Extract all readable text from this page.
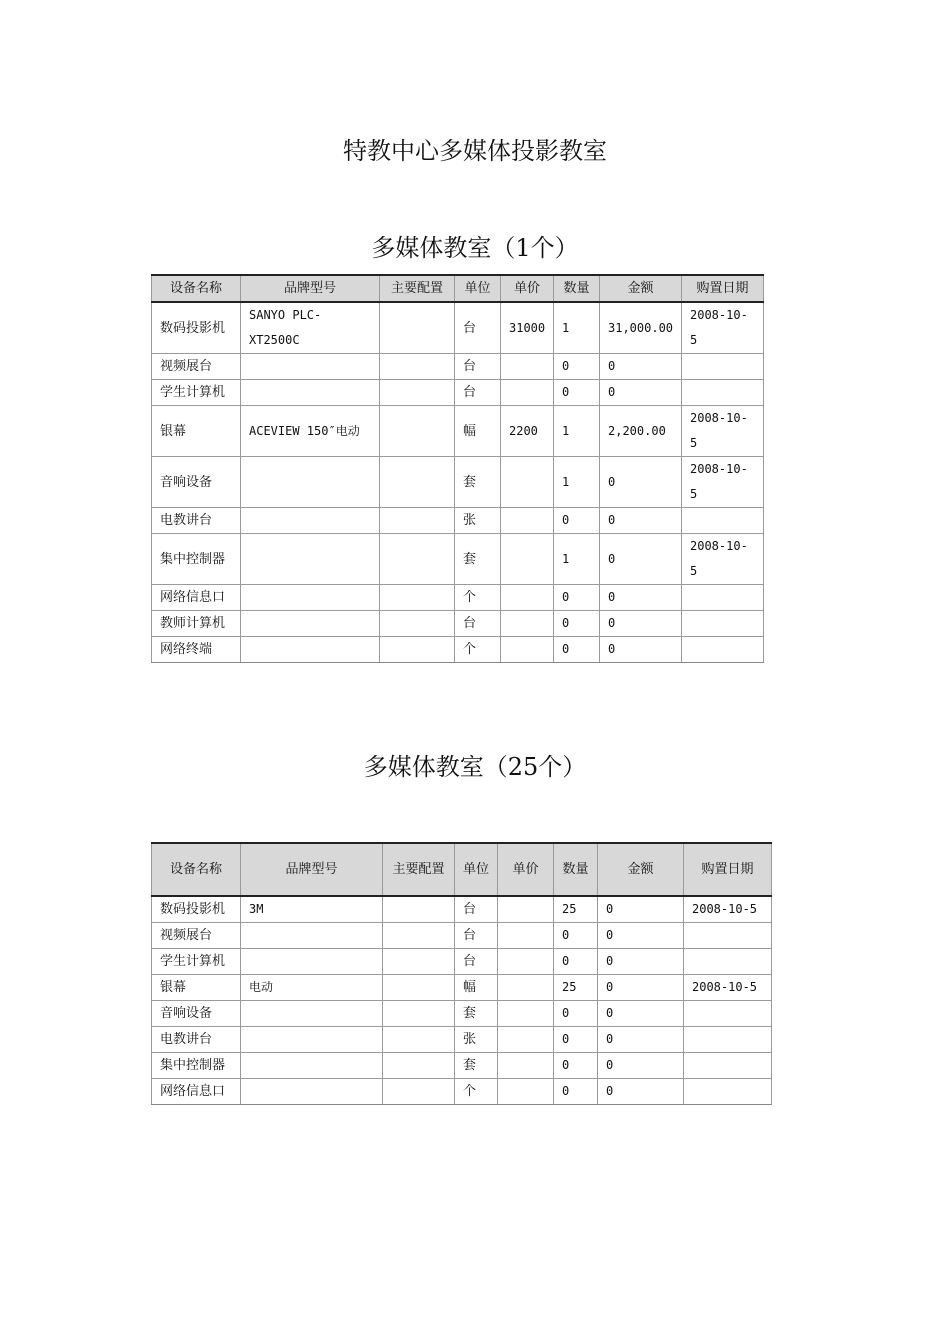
特教中心多媒体投影教室
多媒体教室（1个）
设备名称	品牌型号	主要配置	单位	单价	数量	金额	购置日期
数码投影机	SANYO PLC-XT2500C		台	31000	1	31,000.00	2008-10-5
视频展台			台		0	0	
学生计算机			台		0	0	
银幕	ACEVIEW 150″电动		幅	2200	1	2,200.00	2008-10-5
音响设备			套		1	0	2008-10-5
电教讲台			张		0	0	
集中控制器			套		1	0	2008-10-5
网络信息口			个		0	0	
教师计算机			台		0	0	
网络终端			个		0	0	
多媒体教室（25个）
设备名称	品牌型号	主要配置	单位	单价	数量	金额	购置日期
数码投影机	3M		台		25	0	2008-10-5
视频展台			台		0	0	
学生计算机			台		0	0	
银幕	电动		幅		25	0	2008-10-5
音响设备			套		0	0	
电教讲台			张		0	0	
集中控制器			套		0	0	
网络信息口			个		0	0	
